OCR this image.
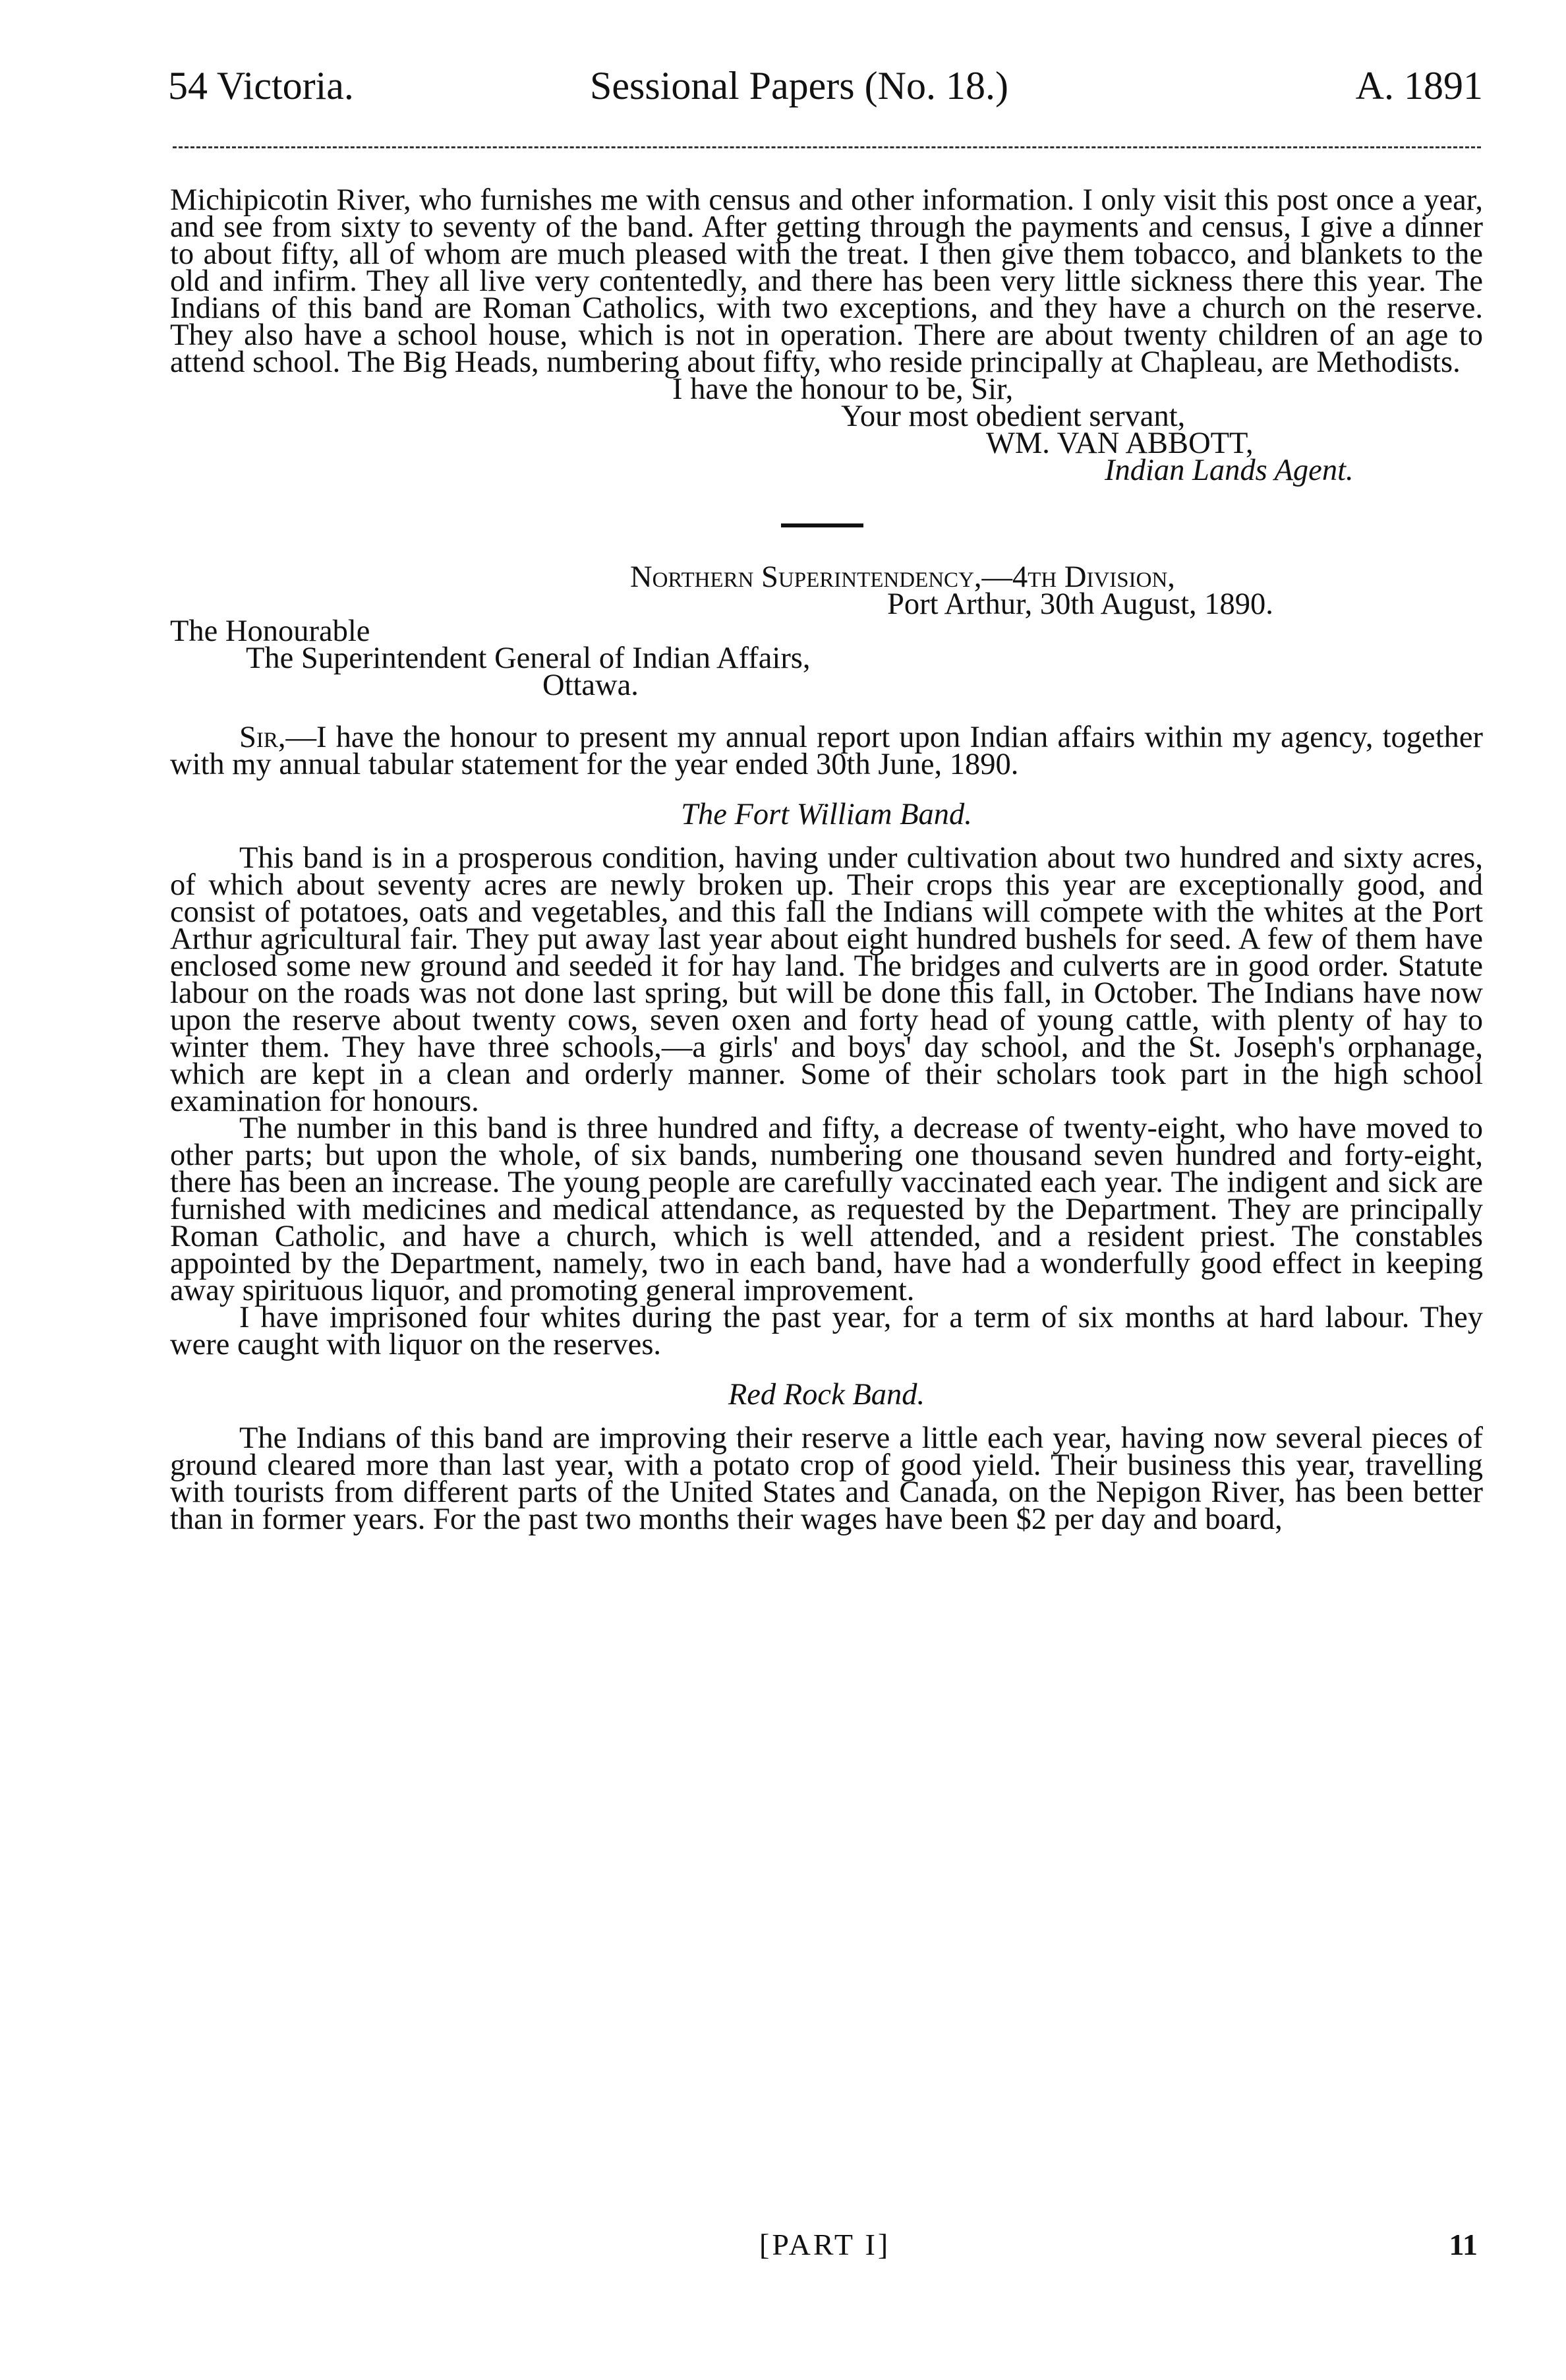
54 Victoria.	Sessional Papers (No. 18.)	A. 1891

Michipicotin River, who furnishes me with census and other information. I only visit this post once a year, and see from sixty to seventy of the band. After getting through the payments and census, I give a dinner to about fifty, all of whom are much pleased with the treat. I then give them tobacco, and blankets to the old and infirm. They all live very contentedly, and there has been very little sickness there this year. The Indians of this band are Roman Catholics, with two exceptions, and they have a church on the reserve. They also have a school house, which is not in operation. There are about twenty children of an age to attend school. The Big Heads, numbering about fifty, who reside principally at Chapleau, are Methodists.

I have the honour to be, Sir,

Your most obedient servant,

WM. VAN ABBOTT,

Indian Lands Agent.

Northern Superintendency,—4th Division,

Port Arthur, 30th August, 1890.

The Honourable

The Superintendent General of Indian Affairs,

Ottawa.

Sir,—I have the honour to present my annual report upon Indian affairs within my agency, together with my annual tabular statement for the year ended 30th June, 1890.

The Fort William Band.

This band is in a prosperous condition, having under cultivation about two hundred and sixty acres, of which about seventy acres are newly broken up. Their crops this year are exceptionally good, and consist of potatoes, oats and vegetables, and this fall the Indians will compete with the whites at the Port Arthur agricultural fair. They put away last year about eight hundred bushels for seed. A few of them have enclosed some new ground and seeded it for hay land. The bridges and culverts are in good order. Statute labour on the roads was not done last spring, but will be done this fall, in October. The Indians have now upon the reserve about twenty cows, seven oxen and forty head of young cattle, with plenty of hay to winter them. They have three schools,—a girls' and boys' day school, and the St. Joseph's orphanage, which are kept in a clean and orderly manner. Some of their scholars took part in the high school examination for honours.

The number in this band is three hundred and fifty, a decrease of twenty-eight, who have moved to other parts; but upon the whole, of six bands, numbering one thousand seven hundred and forty-eight, there has been an increase. The young people are carefully vaccinated each year. The indigent and sick are furnished with medicines and medical attendance, as requested by the Department. They are principally Roman Catholic, and have a church, which is well attended, and a resident priest. The constables appointed by the Department, namely, two in each band, have had a wonderfully good effect in keeping away spirituous liquor, and promoting general improvement.

I have imprisoned four whites during the past year, for a term of six months at hard labour. They were caught with liquor on the reserves.

Red Rock Band.

The Indians of this band are improving their reserve a little each year, having now several pieces of ground cleared more than last year, with a potato crop of good yield. Their business this year, travelling with tourists from different parts of the United States and Canada, on the Nepigon River, has been better than in former years. For the past two months their wages have been $2 per day and board,

[PART I]	11
